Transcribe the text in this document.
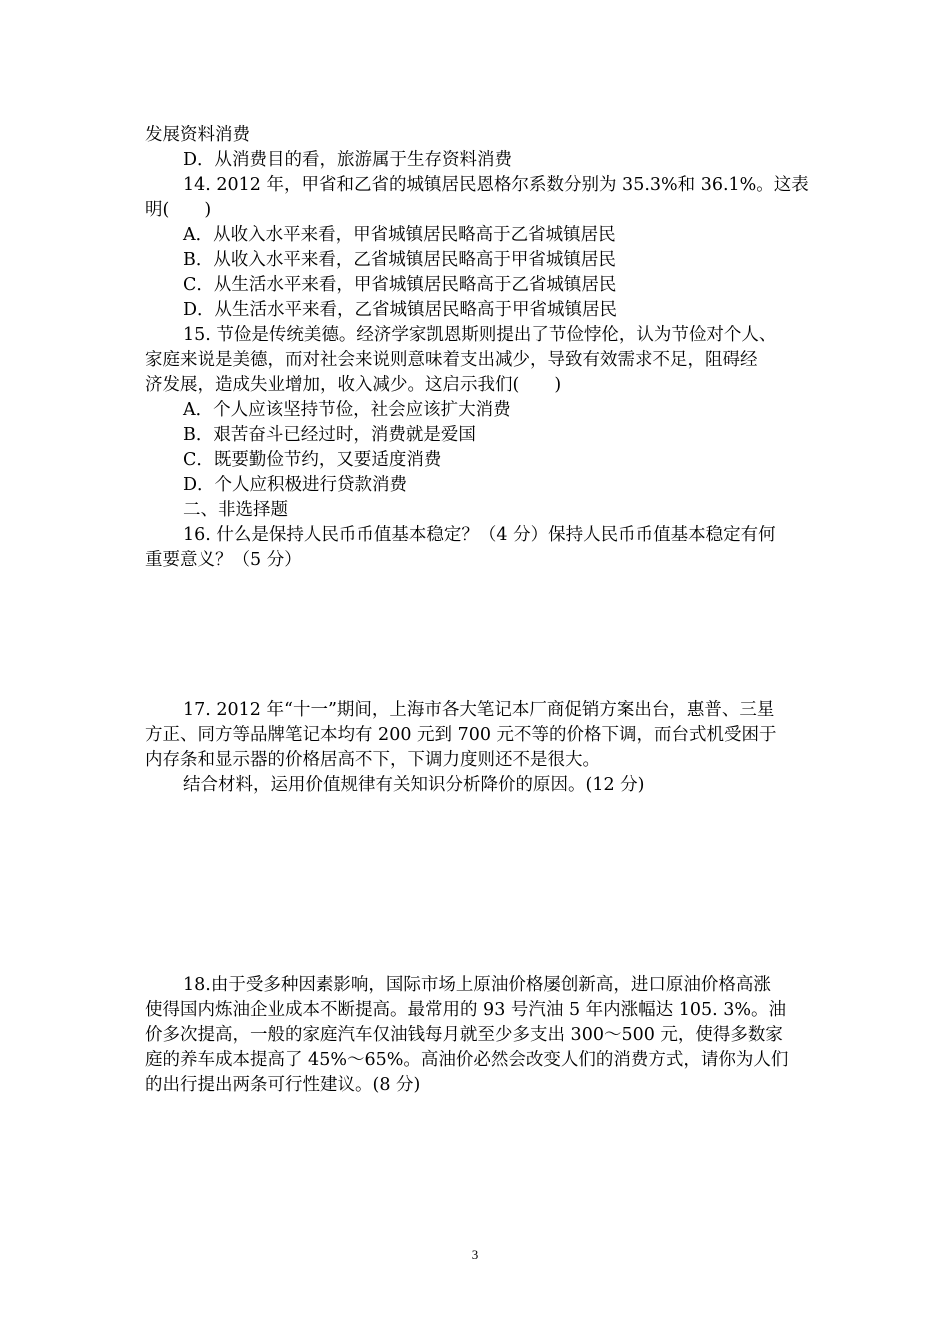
发展资料消费
D．从消费目的看，旅游属于生存资料消费
14. 2012 年，甲省和乙省的城镇居民恩格尔系数分别为 35.3%和 36.1%。这表
明(　　)
A．从收入水平来看，甲省城镇居民略高于乙省城镇居民
B．从收入水平来看，乙省城镇居民略高于甲省城镇居民
C．从生活水平来看，甲省城镇居民略高于乙省城镇居民
D．从生活水平来看，乙省城镇居民略高于甲省城镇居民
15. 节俭是传统美德。经济学家凯恩斯则提出了节俭悖伦，认为节俭对个人、
家庭来说是美德，而对社会来说则意味着支出减少，导致有效需求不足，阻碍经
济发展，造成失业增加，收入减少。这启示我们(　　)
A．个人应该坚持节俭，社会应该扩大消费
B．艰苦奋斗已经过时，消费就是爱国
C．既要勤俭节约，又要适度消费
D．个人应积极进行贷款消费
二、非选择题
16. 什么是保持人民币币值基本稳定？（4 分）保持人民币币值基本稳定有何
重要意义？（5 分）
17. 2012 年“十一”期间，上海市各大笔记本厂商促销方案出台，惠普、三星
方正、同方等品牌笔记本均有 200 元到 700 元不等的价格下调，而台式机受困于
内存条和显示器的价格居高不下，下调力度则还不是很大。
结合材料，运用价值规律有关知识分析降价的原因。(12 分)
18.由于受多种因素影响，国际市场上原油价格屡创新高，进口原油价格高涨
使得国内炼油企业成本不断提高。最常用的 93 号汽油 5 年内涨幅达 105. 3%。油
价多次提高，一般的家庭汽车仅油钱每月就至少多支出 300～500 元，使得多数家
庭的养车成本提高了 45%～65%。高油价必然会改变人们的消费方式，请你为人们
的出行提出两条可行性建议。(8 分)
3
